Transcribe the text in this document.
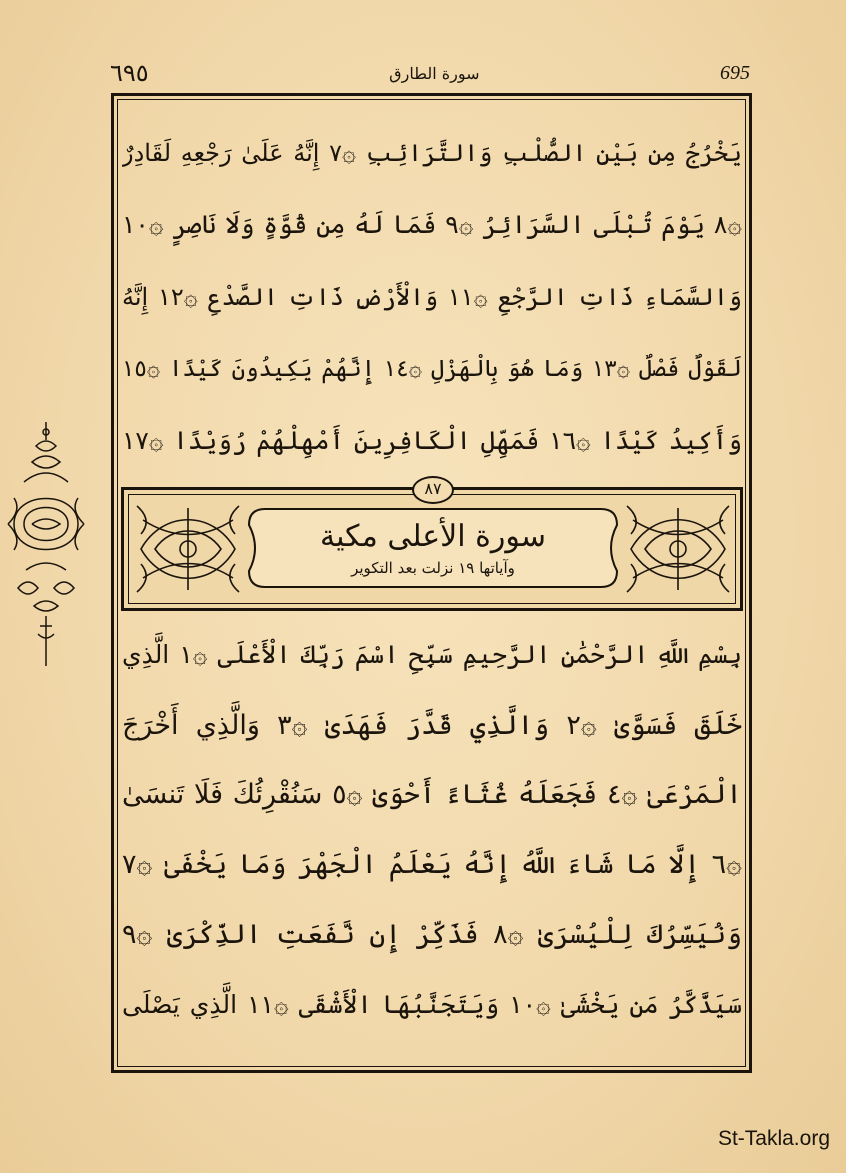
٦٩٥	سورة الطارق	695
يَخْرُجُ مِن بَيْنِ الصُّلْبِ وَالتَّرَائِبِ ۞٧ إِنَّهُ عَلَىٰ رَجْعِهِ لَقَادِرٌ
۞٨ يَوْمَ تُبْلَى السَّرَائِرُ ۞٩ فَمَا لَهُ مِن قُوَّةٍ وَلَا نَاصِرٍ ۞١٠
وَالسَّمَاءِ ذَاتِ الرَّجْعِ ۞١١ وَالْأَرْضِ ذَاتِ الصَّدْعِ ۞١٢ إِنَّهُ
لَقَوْلٌ فَصْلٌ ۞١٣ وَمَا هُوَ بِالْهَزْلِ ۞١٤ إِنَّهُمْ يَكِيدُونَ كَيْدًا ۞١٥
وَأَكِيدُ كَيْدًا ۞١٦ فَمَهِّلِ الْكَافِرِينَ أَمْهِلْهُمْ رُوَيْدًا ۞١٧
سورة الأعلى مكية
وآياتها ١٩ نزلت بعد التكوير
٨٧
بِسْمِ اللَّهِ الرَّحْمَٰنِ الرَّحِيمِ سَبِّحِ اسْمَ رَبِّكَ الْأَعْلَى ۞١ الَّذِي
خَلَقَ فَسَوَّىٰ ۞٢ وَالَّذِي قَدَّرَ فَهَدَىٰ ۞٣ وَالَّذِي أَخْرَجَ
الْمَرْعَىٰ ۞٤ فَجَعَلَهُ غُثَاءً أَحْوَىٰ ۞٥ سَنُقْرِئُكَ فَلَا تَنسَىٰ
۞٦ إِلَّا مَا شَاءَ اللَّهُ إِنَّهُ يَعْلَمُ الْجَهْرَ وَمَا يَخْفَىٰ ۞٧
وَنُيَسِّرُكَ لِلْيُسْرَىٰ ۞٨ فَذَكِّرْ إِن نَّفَعَتِ الذِّكْرَىٰ ۞٩
سَيَذَّكَّرُ مَن يَخْشَىٰ ۞١٠ وَيَتَجَنَّبُهَا الْأَشْقَى ۞١١ الَّذِي يَصْلَى
St-Takla.org
